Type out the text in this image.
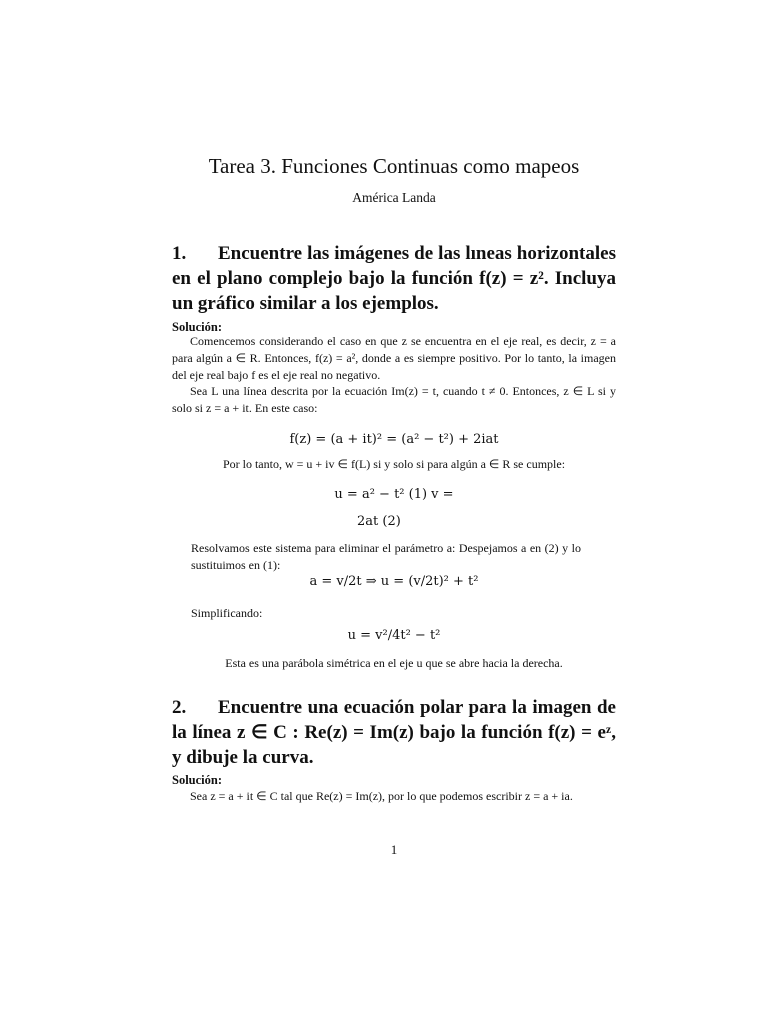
Tarea 3. Funciones Continuas como mapeos
América Landa
1. Encuentre las imágenes de las lıneas horizontales en el plano complejo bajo la función f(z) = z². Incluya un gráfico similar a los ejemplos.
Solución:
Comencemos considerando el caso en que z se encuentra en el eje real, es decir, z = a para algún a ∈ R. Entonces, f(z) = a², donde a es siempre positivo. Por lo tanto, la imagen del eje real bajo f es el eje real no negativo.
Sea L una línea descrita por la ecuación Im(z) = t, cuando t ≠ 0. Entonces, z ∈ L si y solo si z = a + it. En este caso:
f(z) = (a + it)² = (a² − t²) + 2iat
Por lo tanto, w = u + iv ∈ f(L) si y solo si para algún a ∈ R se cumple:
u = a² − t² (1) v =
2at (2)
Resolvamos este sistema para eliminar el parámetro a: Despejamos a en (2) y lo sustituimos en (1):
a = v/2t ⇒ u = (v/2t)² + t²
Simplificando:
u = v²/4t² − t²
Esta es una parábola simétrica en el eje u que se abre hacia la derecha.
2. Encuentre una ecuación polar para la imagen de la línea z ∈ C : Re(z) = Im(z) bajo la función f(z) = eᶻ, y dibuje la curva.
Solución:
Sea z = a + it ∈ C tal que Re(z) = Im(z), por lo que podemos escribir z = a + ia.
1
